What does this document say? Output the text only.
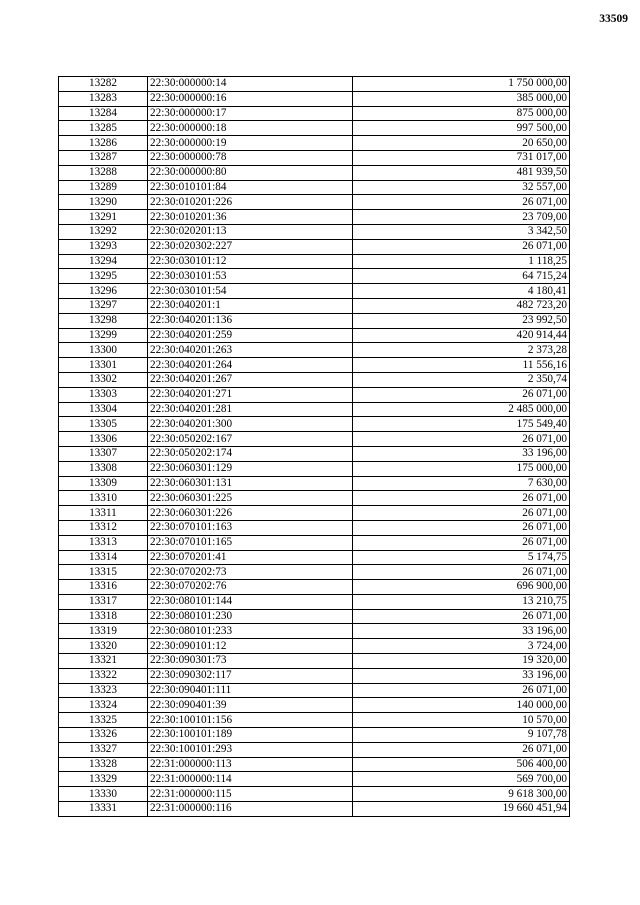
33509
13282	22:30:000000:14	1 750 000,00
13283	22:30:000000:16	385 000,00
13284	22:30:000000:17	875 000,00
13285	22:30:000000:18	997 500,00
13286	22:30:000000:19	20 650,00
13287	22:30:000000:78	731 017,00
13288	22:30:000000:80	481 939,50
13289	22:30:010101:84	32 557,00
13290	22:30:010201:226	26 071,00
13291	22:30:010201:36	23 709,00
13292	22:30:020201:13	3 342,50
13293	22:30:020302:227	26 071,00
13294	22:30:030101:12	1 118,25
13295	22:30:030101:53	64 715,24
13296	22:30:030101:54	4 180,41
13297	22:30:040201:1	482 723,20
13298	22:30:040201:136	23 992,50
13299	22:30:040201:259	420 914,44
13300	22:30:040201:263	2 373,28
13301	22:30:040201:264	11 556,16
13302	22:30:040201:267	2 350,74
13303	22:30:040201:271	26 071,00
13304	22:30:040201:281	2 485 000,00
13305	22:30:040201:300	175 549,40
13306	22:30:050202:167	26 071,00
13307	22:30:050202:174	33 196,00
13308	22:30:060301:129	175 000,00
13309	22:30:060301:131	7 630,00
13310	22:30:060301:225	26 071,00
13311	22:30:060301:226	26 071,00
13312	22:30:070101:163	26 071,00
13313	22:30:070101:165	26 071,00
13314	22:30:070201:41	5 174,75
13315	22:30:070202:73	26 071,00
13316	22:30:070202:76	696 900,00
13317	22:30:080101:144	13 210,75
13318	22:30:080101:230	26 071,00
13319	22:30:080101:233	33 196,00
13320	22:30:090101:12	3 724,00
13321	22:30:090301:73	19 320,00
13322	22:30:090302:117	33 196,00
13323	22:30:090401:111	26 071,00
13324	22:30:090401:39	140 000,00
13325	22:30:100101:156	10 570,00
13326	22:30:100101:189	9 107,78
13327	22:30:100101:293	26 071,00
13328	22:31:000000:113	506 400,00
13329	22:31:000000:114	569 700,00
13330	22:31:000000:115	9 618 300,00
13331	22:31:000000:116	19 660 451,94
